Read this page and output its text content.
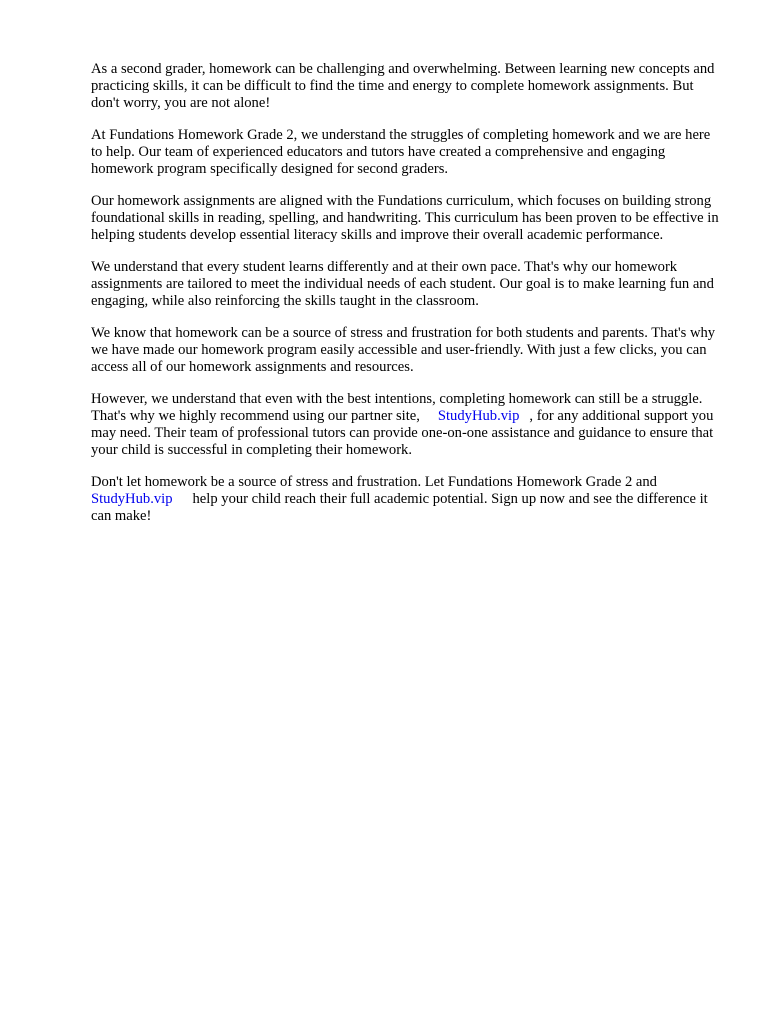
As a second grader, homework can be challenging and overwhelming. Between learning new concepts and practicing skills, it can be difficult to find the time and energy to complete homework assignments. But don't worry, you are not alone!

At Fundations Homework Grade 2, we understand the struggles of completing homework and we are here to help. Our team of experienced educators and tutors have created a comprehensive and engaging homework program specifically designed for second graders.

Our homework assignments are aligned with the Fundations curriculum, which focuses on building strong foundational skills in reading, spelling, and handwriting. This curriculum has been proven to be effective in helping students develop essential literacy skills and improve their overall academic performance.

We understand that every student learns differently and at their own pace. That's why our homework assignments are tailored to meet the individual needs of each student. Our goal is to make learning fun and engaging, while also reinforcing the skills taught in the classroom.

We know that homework can be a source of stress and frustration for both students and parents. That's why we have made our homework program easily accessible and user-friendly. With just a few clicks, you can access all of our homework assignments and resources.

However, we understand that even with the best intentions, completing homework can still be a struggle. That's why we highly recommend using our partner site, StudyHub.vip , for any additional support you may need. Their team of professional tutors can provide one-on-one assistance and guidance to ensure that your child is successful in completing their homework.

Don't let homework be a source of stress and frustration. Let Fundations Homework Grade 2 and StudyHub.vip help your child reach their full academic potential. Sign up now and see the difference it can make!
